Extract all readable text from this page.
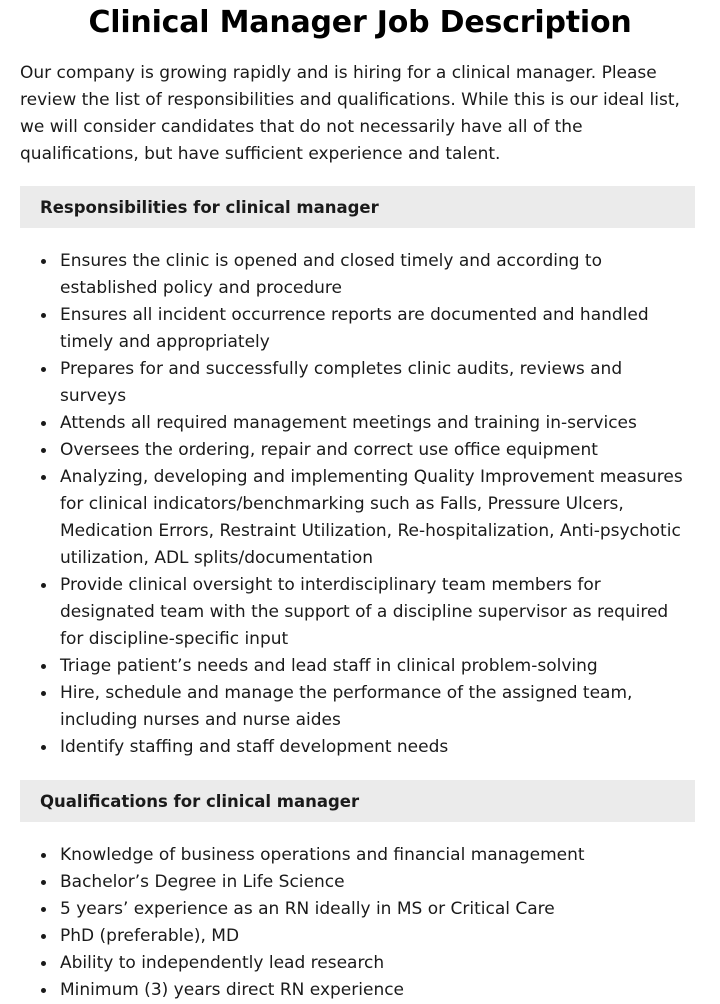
Clinical Manager Job Description

Our company is growing rapidly and is hiring for a clinical manager. Please review the list of responsibilities and qualifications. While this is our ideal list, we will consider candidates that do not necessarily have all of the qualifications, but have sufficient experience and talent.

Responsibilities for clinical manager
Ensures the clinic is opened and closed timely and according to established policy and procedure
Ensures all incident occurrence reports are documented and handled timely and appropriately
Prepares for and successfully completes clinic audits, reviews and surveys
Attends all required management meetings and training in-services
Oversees the ordering, repair and correct use office equipment
Analyzing, developing and implementing Quality Improvement measures for clinical indicators/benchmarking such as Falls, Pressure Ulcers, Medication Errors, Restraint Utilization, Re-hospitalization, Anti-psychotic utilization, ADL splits/documentation
Provide clinical oversight to interdisciplinary team members for designated team with the support of a discipline supervisor as required for discipline-specific input
Triage patient’s needs and lead staff in clinical problem-solving
Hire, schedule and manage the performance of the assigned team, including nurses and nurse aides
Identify staffing and staff development needs
Qualifications for clinical manager
Knowledge of business operations and financial management
Bachelor’s Degree in Life Science
5 years’ experience as an RN ideally in MS or Critical Care
PhD (preferable), MD
Ability to independently lead research
Minimum (3) years direct RN experience
